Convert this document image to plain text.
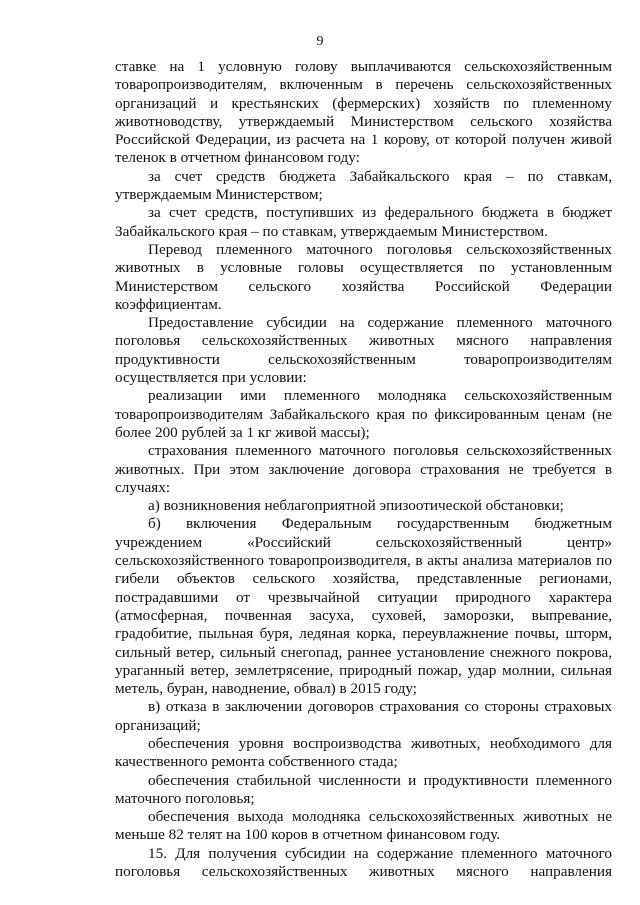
9

ставке на 1 условную голову выплачиваются сельскохозяйственным товаропроизводителям, включенным в перечень сельскохозяйственных организаций и крестьянских (фермерских) хозяйств по племенному животноводству, утверждаемый Министерством сельского хозяйства Российской Федерации, из расчета на 1 корову, от которой получен живой теленок в отчетном финансовом году:

за счет средств бюджета Забайкальского края – по ставкам, утверждаемым Министерством;

за счет средств, поступивших из федерального бюджета в бюджет Забайкальского края – по ставкам, утверждаемым Министерством.

Перевод племенного маточного поголовья сельскохозяйственных животных в условные головы осуществляется по установленным Министерством сельского хозяйства Российской Федерации коэффициентам.

Предоставление субсидии на содержание племенного маточного поголовья сельскохозяйственных животных мясного направления продуктивности сельскохозяйственным товаропроизводителям осуществляется при условии:

реализации ими племенного молодняка сельскохозяйственным товаропроизводителям Забайкальского края по фиксированным ценам (не более 200 рублей за 1 кг живой массы);

страхования племенного маточного поголовья сельскохозяйственных животных. При этом заключение договора страхования не требуется в случаях:

а) возникновения неблагоприятной эпизоотической обстановки;

б) включения Федеральным государственным бюджетным учреждением «Российский сельскохозяйственный центр» сельскохозяйственного товаропроизводителя, в акты анализа материалов по гибели объектов сельского хозяйства, представленные регионами, пострадавшими от чрезвычайной ситуации природного характера (атмосферная, почвенная засуха, суховей, заморозки, выпревание, градобитие, пыльная буря, ледяная корка, переувлажнение почвы, шторм, сильный ветер, сильный снегопад, раннее установление снежного покрова, ураганный ветер, землетрясение, природный пожар, удар молнии, сильная метель, буран, наводнение, обвал) в 2015 году;

в) отказа в заключении договоров страхования со стороны страховых организаций;

обеспечения уровня воспроизводства животных, необходимого для качественного ремонта собственного стада;

обеспечения стабильной численности и продуктивности племенного маточного поголовья;

обеспечения выхода молодняка сельскохозяйственных животных не меньше 82 телят на 100 коров в отчетном финансовом году.

15. Для получения субсидии на содержание племенного маточного поголовья сельскохозяйственных животных мясного направления
